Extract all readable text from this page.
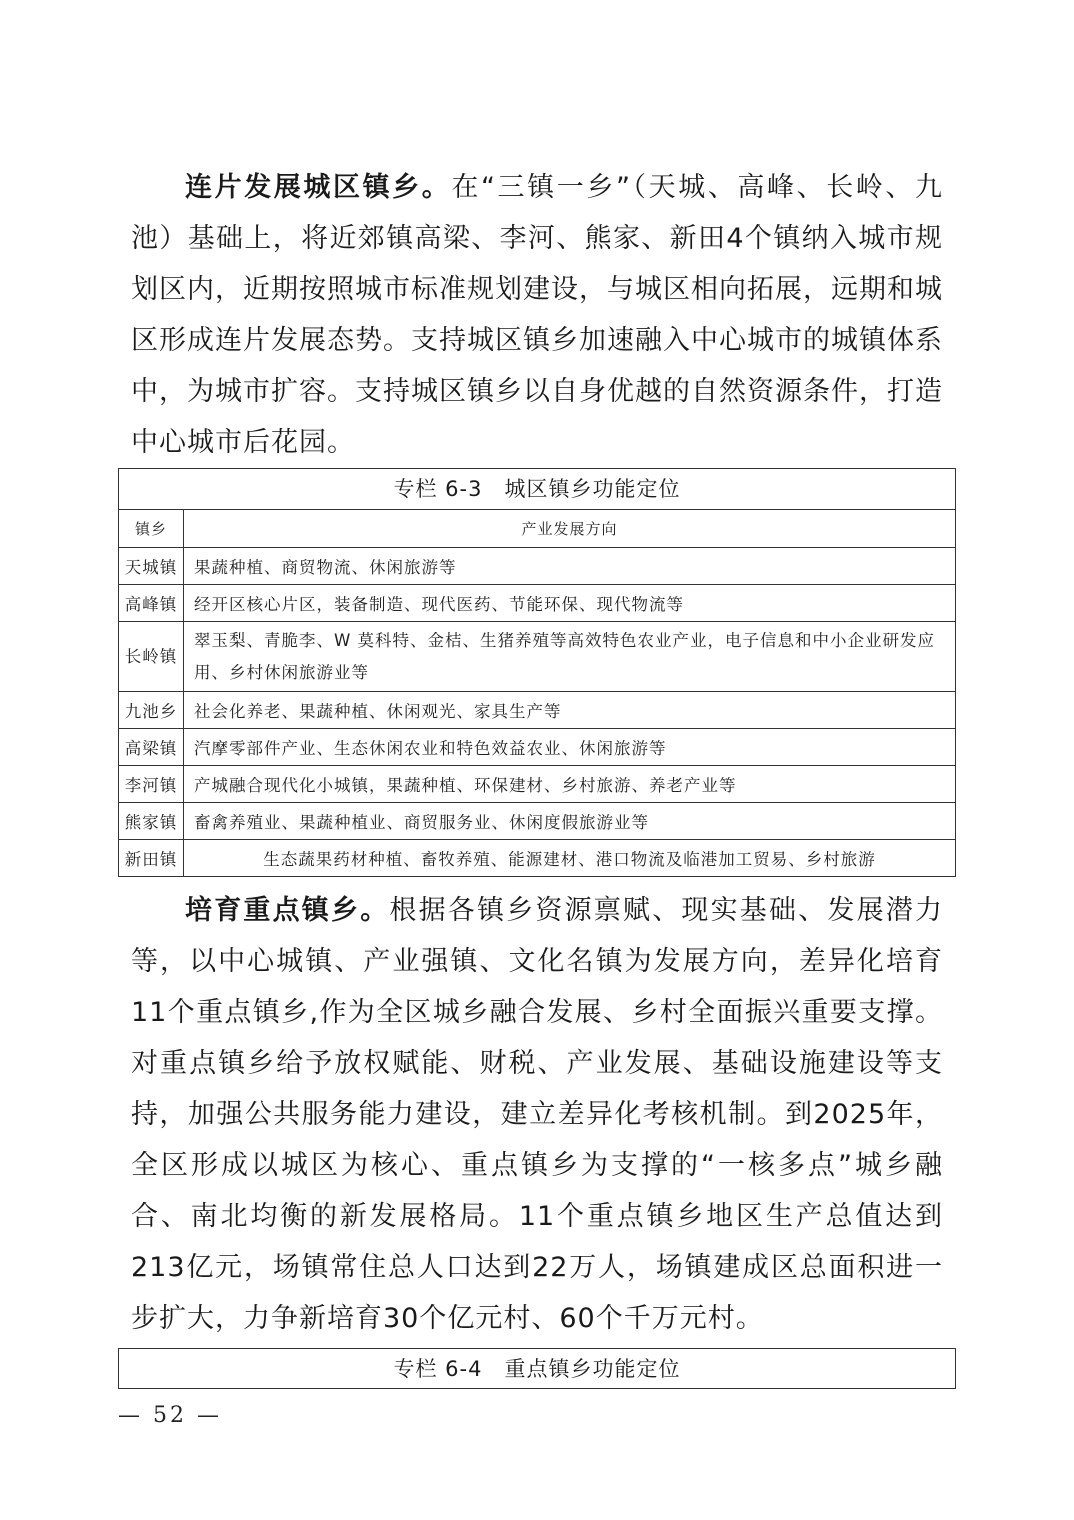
连片发展城区镇乡。在“三镇一乡”（天城、高峰、长岭、九池）基础上，将近郊镇高梁、李河、熊家、新田4个镇纳入城市规划区内，近期按照城市标准规划建设，与城区相向拓展，远期和城区形成连片发展态势。支持城区镇乡加速融入中心城市的城镇体系中，为城市扩容。支持城区镇乡以自身优越的自然资源条件，打造中心城市后花园。

专栏 6-3　城区镇乡功能定位
镇乡	产业发展方向
天城镇	果蔬种植、商贸物流、休闲旅游等
高峰镇	经开区核心片区，装备制造、现代医药、节能环保、现代物流等
长岭镇	翠玉梨、青脆李、W 莫科特、金桔、生猪养殖等高效特色农业产业，电子信息和中小企业研发应用、乡村休闲旅游业等
九池乡	社会化养老、果蔬种植、休闲观光、家具生产等
高梁镇	汽摩零部件产业、生态休闲农业和特色效益农业、休闲旅游等
李河镇	产城融合现代化小城镇，果蔬种植、环保建材、乡村旅游、养老产业等
熊家镇	畜禽养殖业、果蔬种植业、商贸服务业、休闲度假旅游业等
新田镇	生态蔬果药材种植、畜牧养殖、能源建材、港口物流及临港加工贸易、乡村旅游

培育重点镇乡。根据各镇乡资源禀赋、现实基础、发展潜力等，以中心城镇、产业强镇、文化名镇为发展方向，差异化培育11个重点镇乡,作为全区城乡融合发展、乡村全面振兴重要支撑。对重点镇乡给予放权赋能、财税、产业发展、基础设施建设等支持，加强公共服务能力建设，建立差异化考核机制。到2025年，全区形成以城区为核心、重点镇乡为支撑的“一核多点”城乡融合、南北均衡的新发展格局。11个重点镇乡地区生产总值达到213亿元，场镇常住总人口达到22万人，场镇建成区总面积进一步扩大，力争新培育30个亿元村、60个千万元村。

专栏 6-4　重点镇乡功能定位
— 52 —
